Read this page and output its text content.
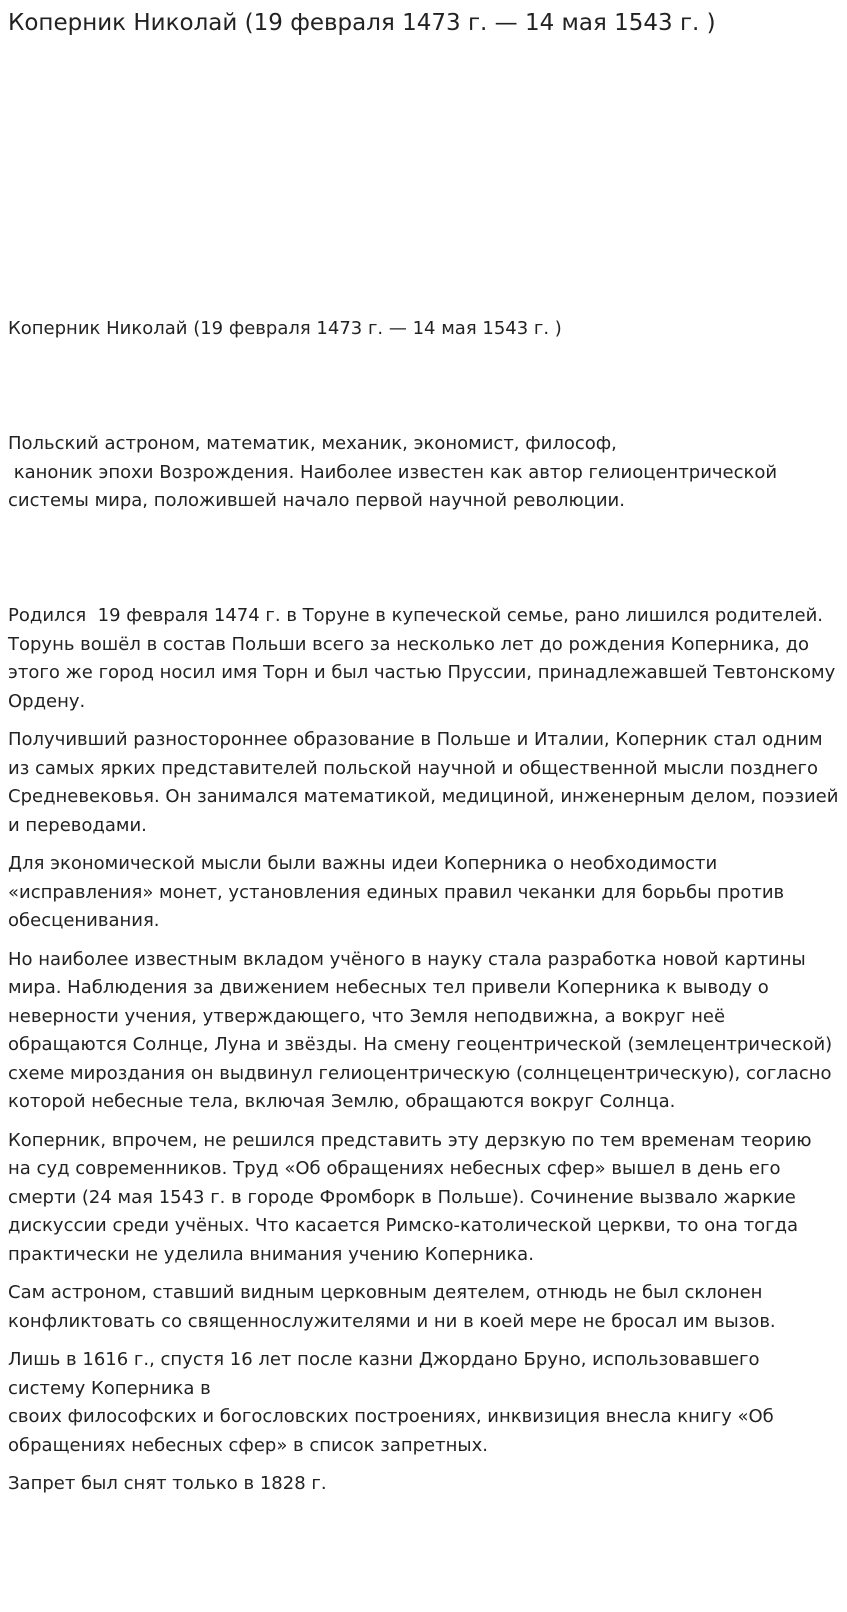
Коперник Николай (19 февраля 1473 г. — 14 мая 1543 г. )

Коперник Николай (19 февраля 1473 г. — 14 мая 1543 г. )

Польский астроном, математик, механик, экономист, философ,
каноник эпохи Возрождения. Наиболее известен как автор гелиоцентрической
системы мира, положившей начало первой научной революции.

Родился  19 февраля 1474 г. в Торуне в купеческой семье, рано лишился родителей. Торунь вошёл в состав Польши всего за несколько лет до рождения Коперника, до этого же город носил имя Торн и был частью Пруссии, принадлежавшей Тевтонскому Ордену.

Получивший разностороннее образование в Польше и Италии, Коперник стал одним из самых ярких представителей польской научной и общественной мысли позднего Средневековья. Он занимался математикой, медициной, инженерным делом, поэзией и переводами.

Для экономической мысли были важны идеи Коперника о необходимости «исправления» монет, установления единых правил чеканки для борьбы против обесценивания.

Но наиболее известным вкладом учёного в науку стала разработка новой картины мира. Наблюдения за движением небесных тел привели Коперника к выводу о неверности учения, утверждающего, что Земля неподвижна, а вокруг неё обращаются Солнце, Луна и звёзды. На смену геоцентрической (землецентрической) схеме мироздания он выдвинул гелиоцентрическую (солнцецентрическую), согласно которой небесные тела, включая Землю, обращаются вокруг Солнца.

Коперник, впрочем, не решился представить эту дерзкую по тем временам теорию на суд современников. Труд «Об обращениях небесных сфер» вышел в день его смерти (24 мая 1543 г. в городе Фромборк в Польше). Сочинение вызвало жаркие дискуссии среди учёных. Что касается Римско-католической церкви, то она тогда практически не уделила внимания учению Коперника.

Сам астроном, ставший видным церковным деятелем, отнюдь не был склонен конфликтовать со священнослужителями и ни в коей мере не бросал им вызов.

Лишь в 1616 г., спустя 16 лет после казни Джордано Бруно, использовавшего систему Коперника в
своих философских и богословских построениях, инквизиция внесла книгу «Об обращениях небесных сфер» в список запретных.

Запрет был снят только в 1828 г.
